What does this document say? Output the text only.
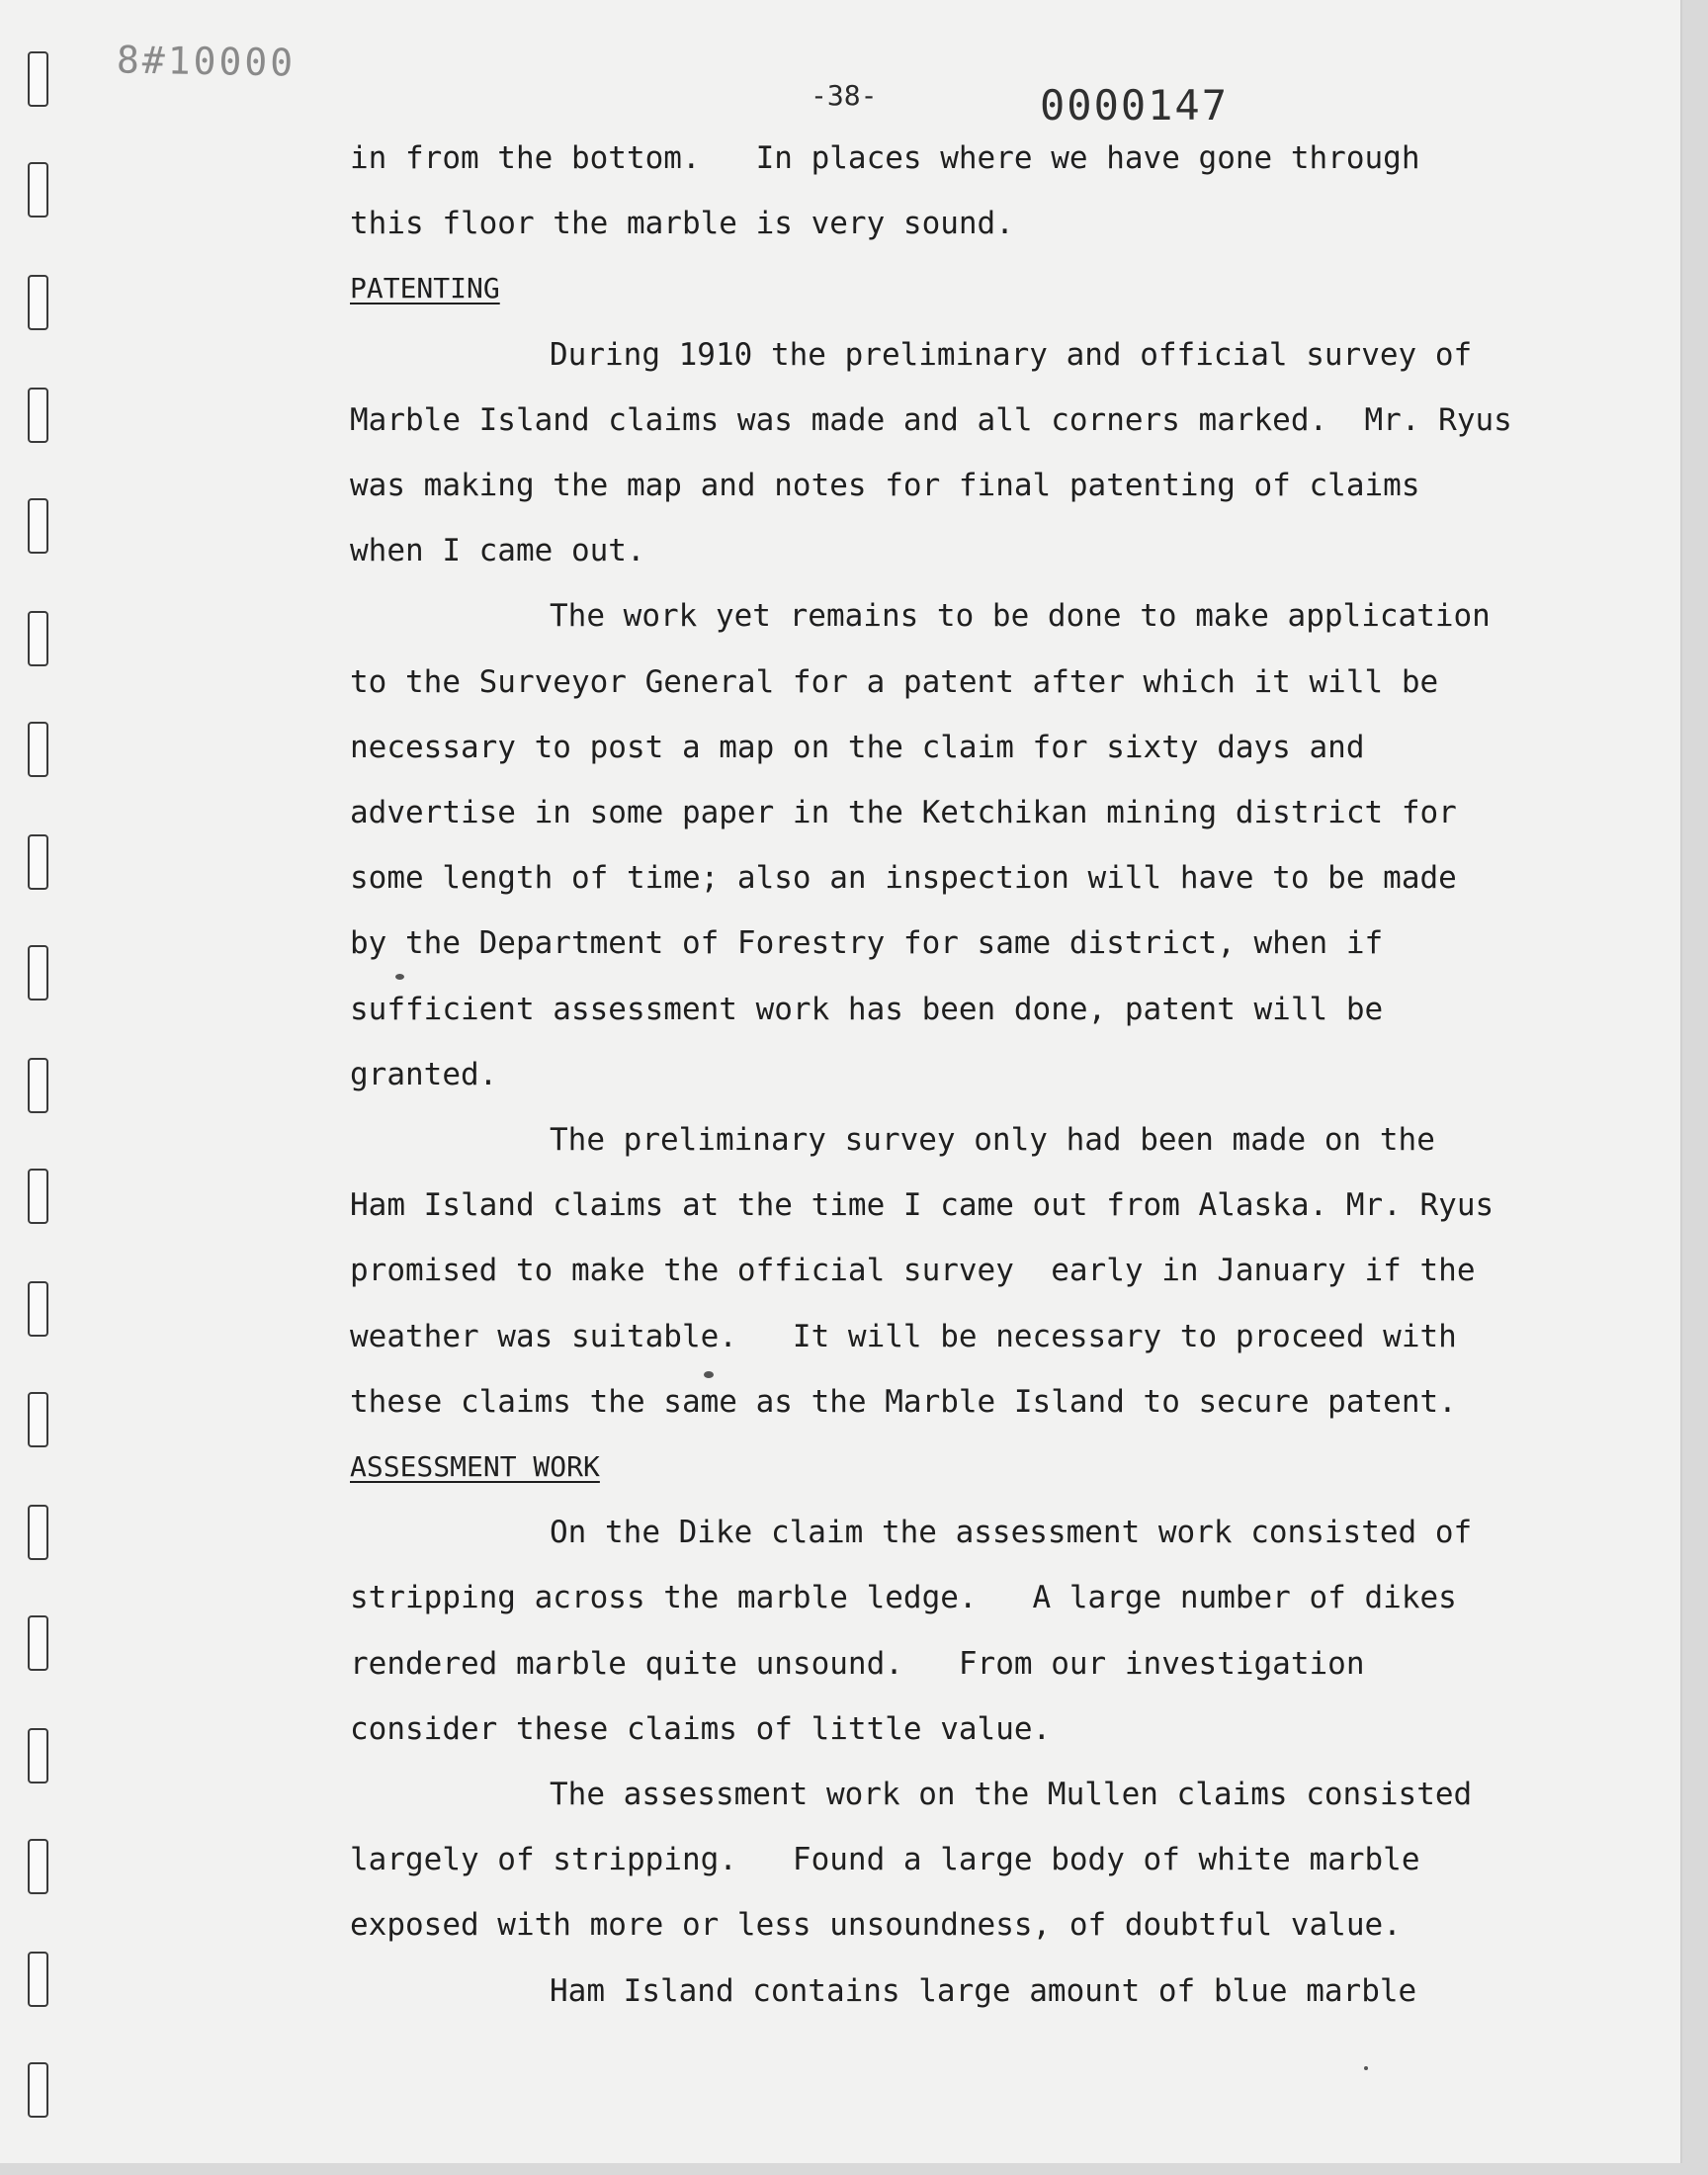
8#10000
-38-	0000147
in from the bottom.   In places where we have gone through
this floor the marble is very sound.
PATENTING
During 1910 the preliminary and official survey of
Marble Island claims was made and all corners marked.  Mr. Ryus
was making the map and notes for final patenting of claims
when I came out.
The work yet remains to be done to make application
to the Surveyor General for a patent after which it will be
necessary to post a map on the claim for sixty days and
advertise in some paper in the Ketchikan mining district for
some length of time; also an inspection will have to be made
by the Department of Forestry for same district, when if
sufficient assessment work has been done, patent will be
granted.
The preliminary survey only had been made on the
Ham Island claims at the time I came out from Alaska. Mr. Ryus
promised to make the official survey  early in January if the
weather was suitable.   It will be necessary to proceed with
these claims the same as the Marble Island to secure patent.
ASSESSMENT WORK
On the Dike claim the assessment work consisted of
stripping across the marble ledge.   A large number of dikes
rendered marble quite unsound.   From our investigation
consider these claims of little value.
The assessment work on the Mullen claims consisted
largely of stripping.   Found a large body of white marble
exposed with more or less unsoundness, of doubtful value.
Ham Island contains large amount of blue marble
